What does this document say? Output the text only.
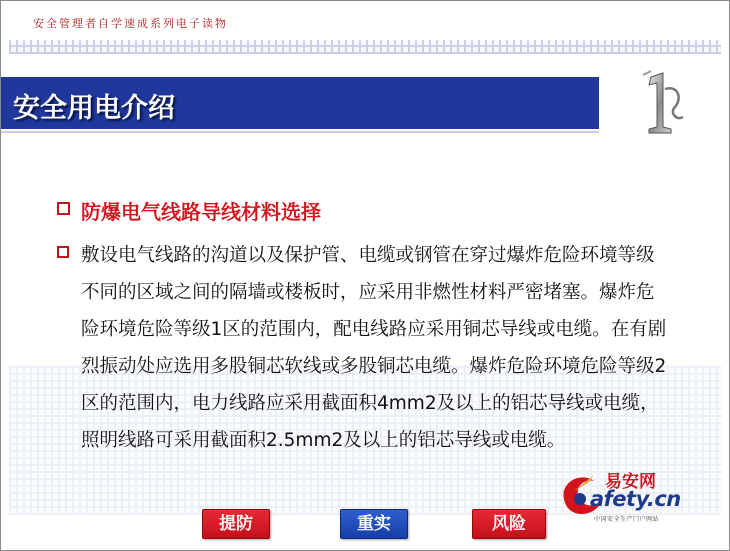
安全管理者自学速成系列电子读物
安全用电介绍
防爆电气线路导线材料选择

敷设电气线路的沟道以及保护管、电缆或钢管在穿过爆炸危险环境等级不同的区域之间的隔墙或楼板时，应采用非燃性材料严密堵塞。爆炸危险环境危险等级1区的范围内，配电线路应采用铜芯导线或电缆。在有剧烈振动处应选用多股铜芯软线或多股铜芯电缆。爆炸危险环境危险等级2区的范围内，电力线路应采用截面积4mm2及以上的铝芯导线或电缆，照明线路可采用截面积2.5mm2及以上的铝芯导线或电缆。

易安网
afety.cn
中国安全生产门户网站
提防	重实	风险
